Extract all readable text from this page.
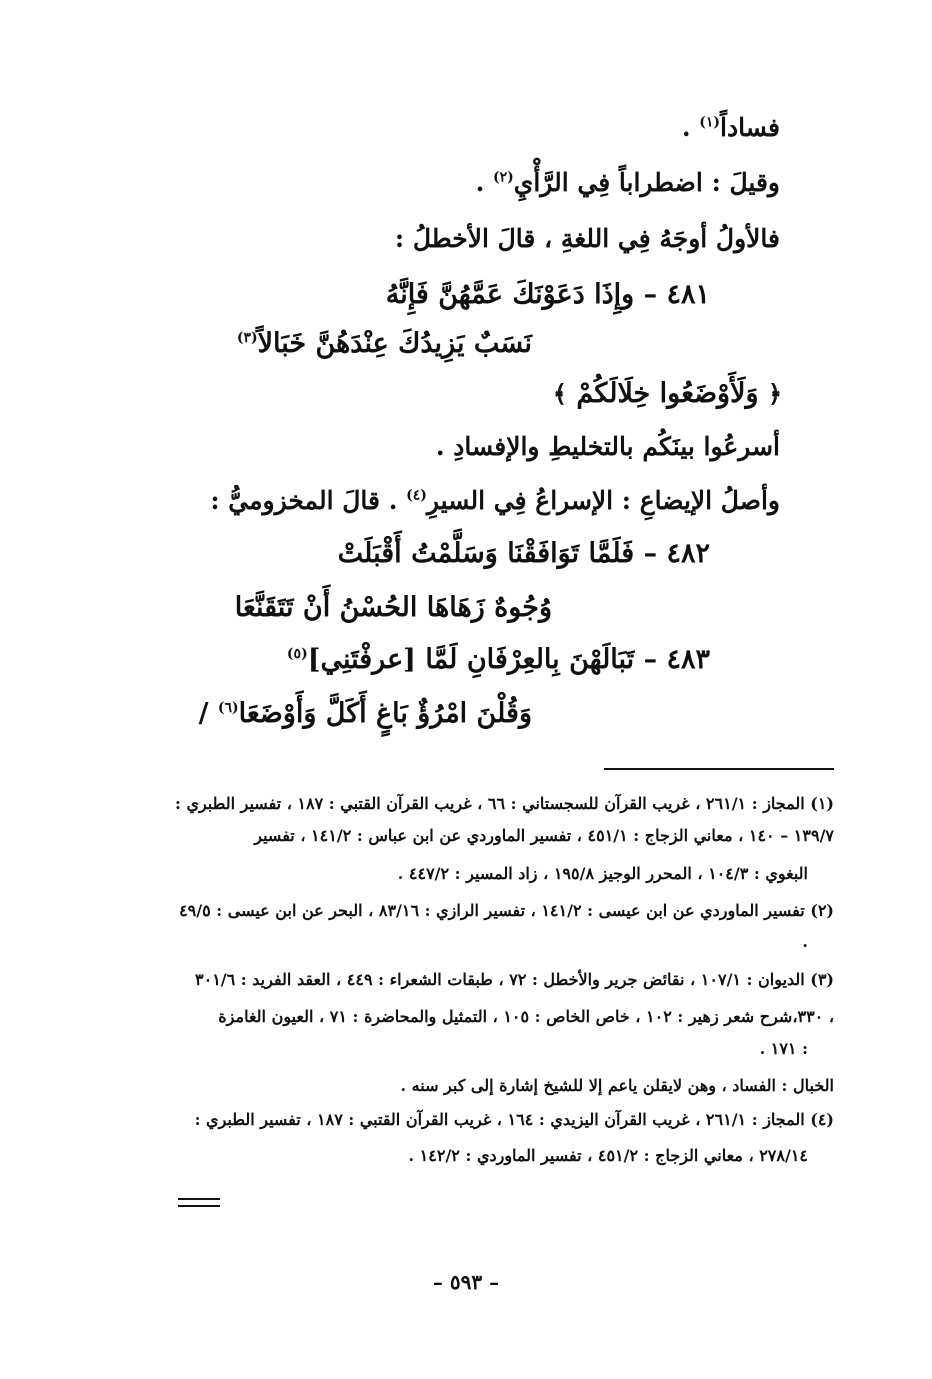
فساداً$^{(١)}$ .
وقيلَ : اضطراباً فِي الرَّأْيِ$^{(٢)}$ .
فالأولُ أوجَهُ فِي اللغةِ ، قالَ الأخطلُ :
٤٨١ – وإِذَا دَعَوْنَكَ عَمَّهُنَّ فَإِنَّهُ
نَسَبٌ يَزِيدُكَ عِنْدَهُنَّ خَبَالاً$^{(٣)}$
﴿ وَلَأَوْضَعُوا خِلَالَكُمْ ﴾
أسرعُوا بينَكُم بالتخليطِ والإفسادِ .
وأصلُ الإيضاعِ : الإسراعُ فِي السيرِ$^{(٤)}$ . قالَ المخزوميُّ :
٤٨٢ – فَلَمَّا تَوَافَقْنَا وَسَلَّمْتُ أَقْبَلَتْ
وُجُوهٌ زَهَاهَا الحُسْنُ أَنْ تَتَقَنَّعَا
٤٨٣ – تَبَالَهْنَ بِالعِرْفَانِ لَمَّا [عرفْتَنِي]$^{(٥)}$
وَقُلْنَ امْرُؤٌ بَاغٍ أَكَلَّ وَأَوْضَعَا$^{(٦)}$ /
(١) المجاز : ٢٦١/١ ، غريب القرآن للسجستاني : ٦٦ ، غريب القرآن القتبي : ١٨٧ ، تفسير الطبري :
١٣٩/٧ – ١٤٠ ، معاني الزجاج : ٤٥١/١ ، تفسير الماوردي عن ابن عباس : ١٤١/٢ ، تفسير
البغوي : ١٠٤/٣ ، المحرر الوجيز ١٩٥/٨ ، زاد المسير : ٤٤٧/٢ .
(٢) تفسير الماوردي عن ابن عيسى : ١٤١/٢ ، تفسير الرازي : ٨٣/١٦ ، البحر عن ابن عيسى : ٤٩/٥
.
(٣) الديوان : ١٠٧/١ ، نقائض جرير والأخطل : ٧٢ ، طبقات الشعراء : ٤٤٩ ، العقد الفريد : ٣٠١/٦
، ٣٣٠،شرح شعر زهير : ١٠٢ ، خاص الخاص : ١٠٥ ، التمثيل والمحاضرة : ٧١ ، العيون الغامزة
: ١٧١ .
الخبال : الفساد ، وهن لايقلن ياعم إلا للشيخ إشارة إلى كبر سنه .
(٤) المجاز : ٢٦١/١ ، غريب القرآن اليزيدي : ١٦٤ ، غريب القرآن القتبي : ١٨٧ ، تفسير الطبري :
٢٧٨/١٤ ، معاني الزجاج : ٤٥١/٢ ، تفسير الماوردي : ١٤٢/٢ .
– ٥٩٣ –
